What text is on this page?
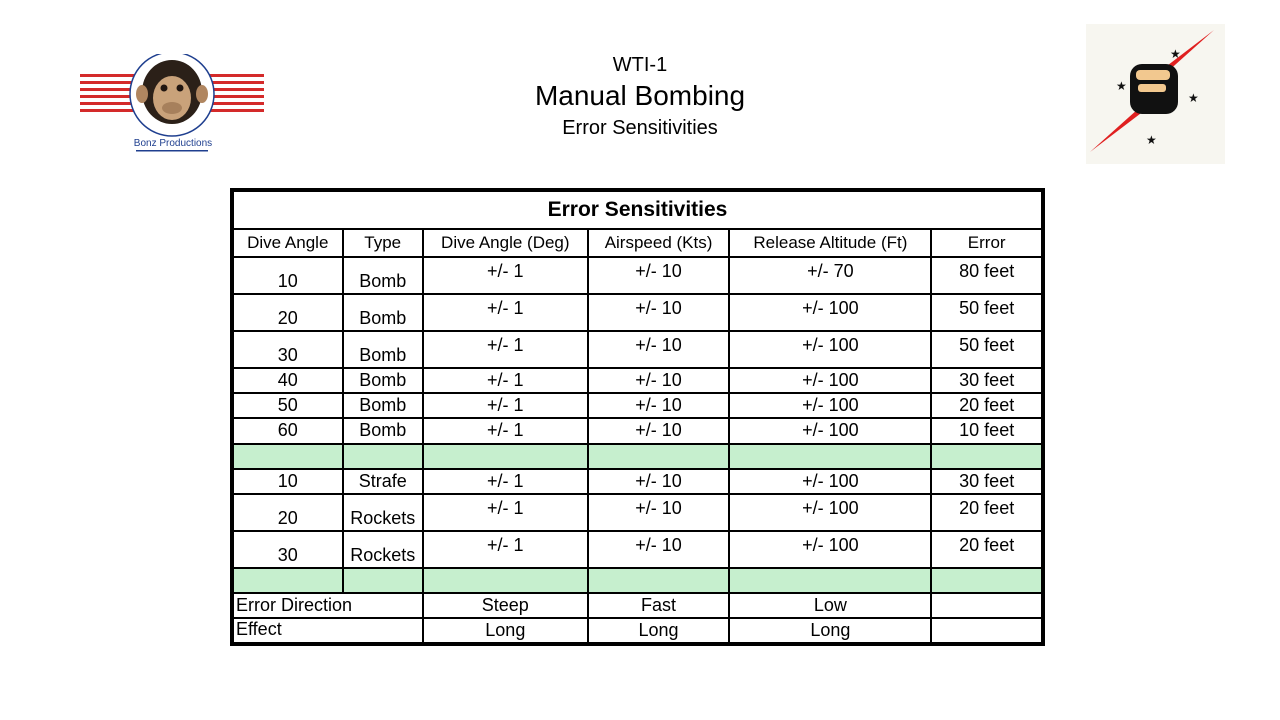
WTI-1
Manual Bombing
Error Sensitivities
Bonz Productions
★
★
★
★
Error Sensitivities					
Dive Angle	Type	Dive Angle (Deg)	Airspeed (Kts)	Release Altitude (Ft)	Error
10	Bomb	+/- 1	+/- 10	+/- 70	80 feet
20	Bomb	+/- 1	+/- 10	+/- 100	50 feet
30	Bomb	+/- 1	+/- 10	+/- 100	50 feet
40	Bomb	+/- 1	+/- 10	+/- 100	30 feet
50	Bomb	+/- 1	+/- 10	+/- 100	20 feet
60	Bomb	+/- 1	+/- 10	+/- 100	10 feet

10	Strafe	+/- 1	+/- 10	+/- 100	30 feet
20	Rockets	+/- 1	+/- 10	+/- 100	20 feet
30	Rockets	+/- 1	+/- 10	+/- 100	20 feet

Error Direction		Steep	Fast	Low	
Effect		Long	Long	Long	
